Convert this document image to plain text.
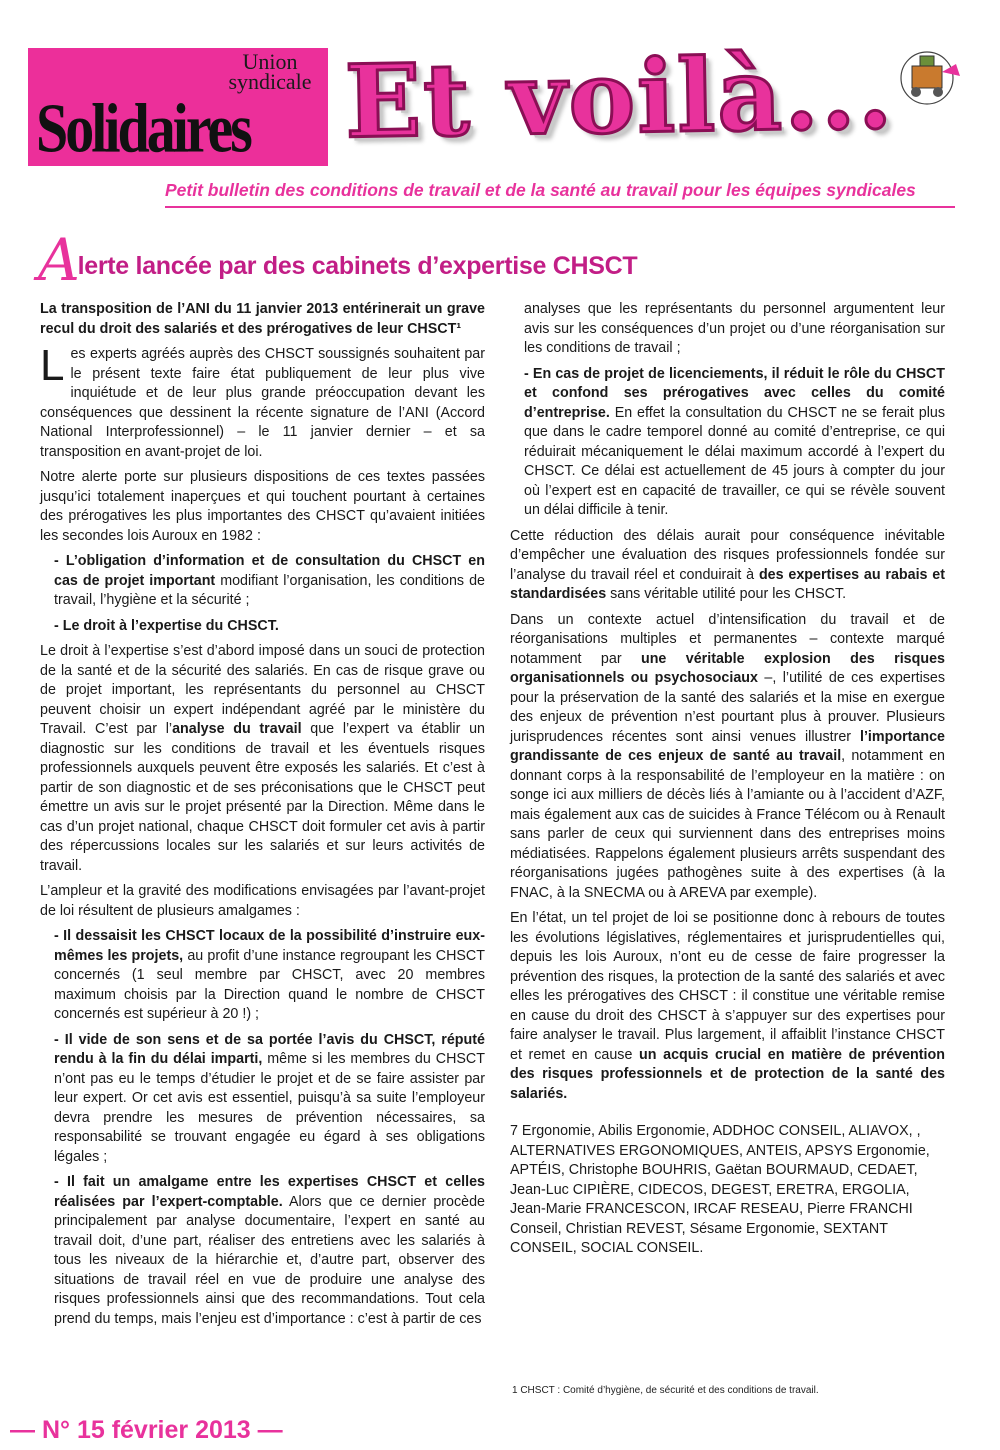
Union
syndicale
Solidaires Et voilà...
Petit bulletin des conditions de travail et de la santé au travail pour les équipes syndicales
Alerte lancée par des cabinets d’expertise CHSCT

La transposition de l’ANI du 11 janvier 2013 entérinerait un grave recul du droit des salariés et des prérogatives de leur CHSCT¹

Les experts agréés auprès des CHSCT soussignés souhaitent par le présent texte faire état publiquement de leur plus vive inquiétude et de leur plus grande préoccupation devant les conséquences que dessinent la récente signature de l’ANI (Accord National Interprofessionnel) – le 11 janvier dernier – et sa transposition en avant-projet de loi.

Notre alerte porte sur plusieurs dispositions de ces textes passées jusqu’ici totalement inaperçues et qui touchent pourtant à certaines des prérogatives les plus importantes des CHSCT qu’avaient initiées les secondes lois Auroux en 1982 :

- L’obligation d’information et de consultation du CHSCT en cas de projet important modifiant l’organisation, les conditions de travail, l’hygiène et la sécurité ;

- Le droit à l’expertise du CHSCT.

Le droit à l’expertise s’est d’abord imposé dans un souci de protection de la santé et de la sécurité des salariés. En cas de risque grave ou de projet important, les représentants du personnel au CHSCT peuvent choisir un expert indépendant agréé par le ministère du Travail. C’est par l’analyse du travail que l’expert va établir un diagnostic sur les conditions de travail et les éventuels risques professionnels auxquels peuvent être exposés les salariés. Et c’est à partir de son diagnostic et de ses préconisations que le CHSCT peut émettre un avis sur le projet présenté par la Direction. Même dans le cas d’un projet national, chaque CHSCT doit formuler cet avis à partir des répercussions locales sur les salariés et sur leurs activités de travail.

L’ampleur et la gravité des modifications envisagées par l’avant-projet de loi résultent de plusieurs amalgames :

- Il dessaisit les CHSCT locaux de la possibilité d’instruire eux-mêmes les projets, au profit d’une instance regroupant les CHSCT concernés (1 seul membre par CHSCT, avec 20 membres maximum choisis par la Direction quand le nombre de CHSCT concernés est supérieur à 20 !) ;

- Il vide de son sens et de sa portée l’avis du CHSCT, réputé rendu à la fin du délai imparti, même si les membres du CHSCT n’ont pas eu le temps d’étudier le projet et de se faire assister par leur expert. Or cet avis est essentiel, puisqu’à sa suite l’employeur devra prendre les mesures de prévention nécessaires, sa responsabilité se trouvant engagée eu égard à ses obligations légales ;

- Il fait un amalgame entre les expertises CHSCT et celles réalisées par l’expert-comptable. Alors que ce dernier procède principalement par analyse documentaire, l’expert en santé au travail doit, d’une part, réaliser des entretiens avec les salariés à tous les niveaux de la hiérarchie et, d’autre part, observer des situations de travail réel en vue de produire une analyse des risques professionnels ainsi que des recommandations. Tout cela prend du temps, mais l’enjeu est d’importance : c’est à partir de ces

analyses que les représentants du personnel argumentent leur avis sur les conséquences d’un projet ou d’une réorganisation sur les conditions de travail ;

- En cas de projet de licenciements, il réduit le rôle du CHSCT et confond ses prérogatives avec celles du comité d’entreprise. En effet la consultation du CHSCT ne se ferait plus que dans le cadre temporel donné au comité d’entreprise, ce qui réduirait mécaniquement le délai maximum accordé à l’expert du CHSCT. Ce délai est actuellement de 45 jours à compter du jour où l’expert est en capacité de travailler, ce qui se révèle souvent un délai difficile à tenir.

Cette réduction des délais aurait pour conséquence inévitable d’empêcher une évaluation des risques professionnels fondée sur l’analyse du travail réel et conduirait à des expertises au rabais et standardisées sans véritable utilité pour les CHSCT.

Dans un contexte actuel d’intensification du travail et de réorganisations multiples et permanentes – contexte marqué notamment par une véritable explosion des risques organisationnels ou psychosociaux –, l’utilité de ces expertises pour la préservation de la santé des salariés et la mise en exergue des enjeux de prévention n’est pourtant plus à prouver. Plusieurs jurisprudences récentes sont ainsi venues illustrer l’importance grandissante de ces enjeux de santé au travail, notamment en donnant corps à la responsabilité de l’employeur en la matière : on songe ici aux milliers de décès liés à l’amiante ou à l’accident d’AZF, mais également aux cas de suicides à France Télécom ou à Renault sans parler de ceux qui surviennent dans des entreprises moins médiatisées. Rappelons également plusieurs arrêts suspendant des réorganisations jugées pathogènes suite à des expertises (à la FNAC, à la SNECMA ou à AREVA par exemple).

En l’état, un tel projet de loi se positionne donc à rebours de toutes les évolutions législatives, réglementaires et jurisprudentielles qui, depuis les lois Auroux, n’ont eu de cesse de faire progresser la prévention des risques, la protection de la santé des salariés et avec elles les prérogatives des CHSCT : il constitue une véritable remise en cause du droit des CHSCT à s’appuyer sur des expertises pour faire analyser le travail. Plus largement, il affaiblit l’instance CHSCT et remet en cause un acquis crucial en matière de prévention des risques professionnels et de protection de la santé des salariés.

7 Ergonomie, Abilis Ergonomie, ADDHOC CONSEIL, ALIAVOX, , ALTERNATIVES ERGONOMIQUES, ANTEIS, APSYS Ergonomie, APTÉIS, Christophe BOUHRIS, Gaëtan BOURMAUD, CEDAET, Jean-Luc CIPIÈRE, CIDECOS, DEGEST, ERETRA, ERGOLIA, Jean-Marie FRANCESCON, IRCAF RESEAU, Pierre FRANCHI Conseil, Christian REVEST, Sésame Ergonomie, SEXTANT CONSEIL, SOCIAL CONSEIL.

1 CHSCT : Comité d’hygiène, de sécurité et des conditions de travail.
— N° 15 février 2013 —
